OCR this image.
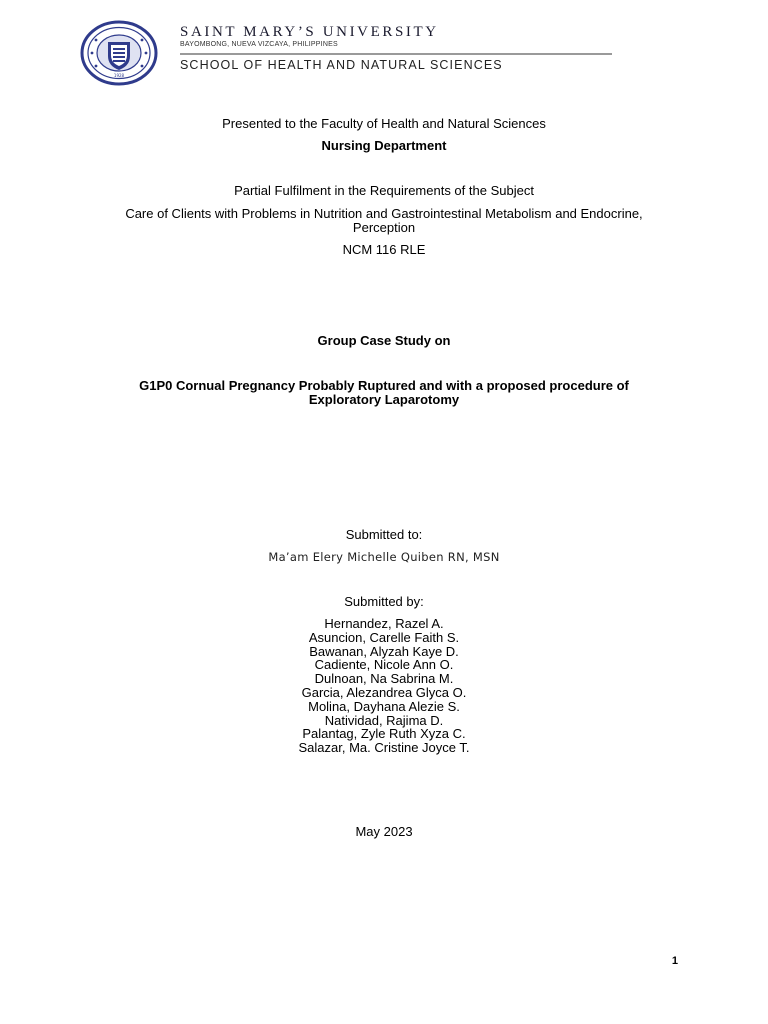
1928
SAINT MARY’S UNIVERSITY
BAYOMBONG, NUEVA VIZCAYA, PHILIPPINES
SCHOOL OF HEALTH AND NATURAL SCIENCES
Presented to the Faculty of Health and Natural Sciences
Nursing Department
Partial Fulfilment in the Requirements of the Subject
Care of Clients with Problems in Nutrition and Gastrointestinal Metabolism and Endocrine,
Perception
NCM 116 RLE
Group Case Study on
G1P0 Cornual Pregnancy Probably Ruptured and with a proposed procedure of
Exploratory Laparotomy
Submitted to:
Ma’am Elery Michelle Quiben RN, MSN
Submitted by:
Hernandez, Razel A.
Asuncion, Carelle Faith S.
Bawanan, Alyzah Kaye D.
Cadiente, Nicole Ann O.
Dulnoan, Na Sabrina M.
Garcia, Alezandrea Glyca O.
Molina, Dayhana Alezie S.
Natividad, Rajima D.
Palantag, Zyle Ruth Xyza C.
Salazar, Ma. Cristine Joyce T.
May 2023
1
